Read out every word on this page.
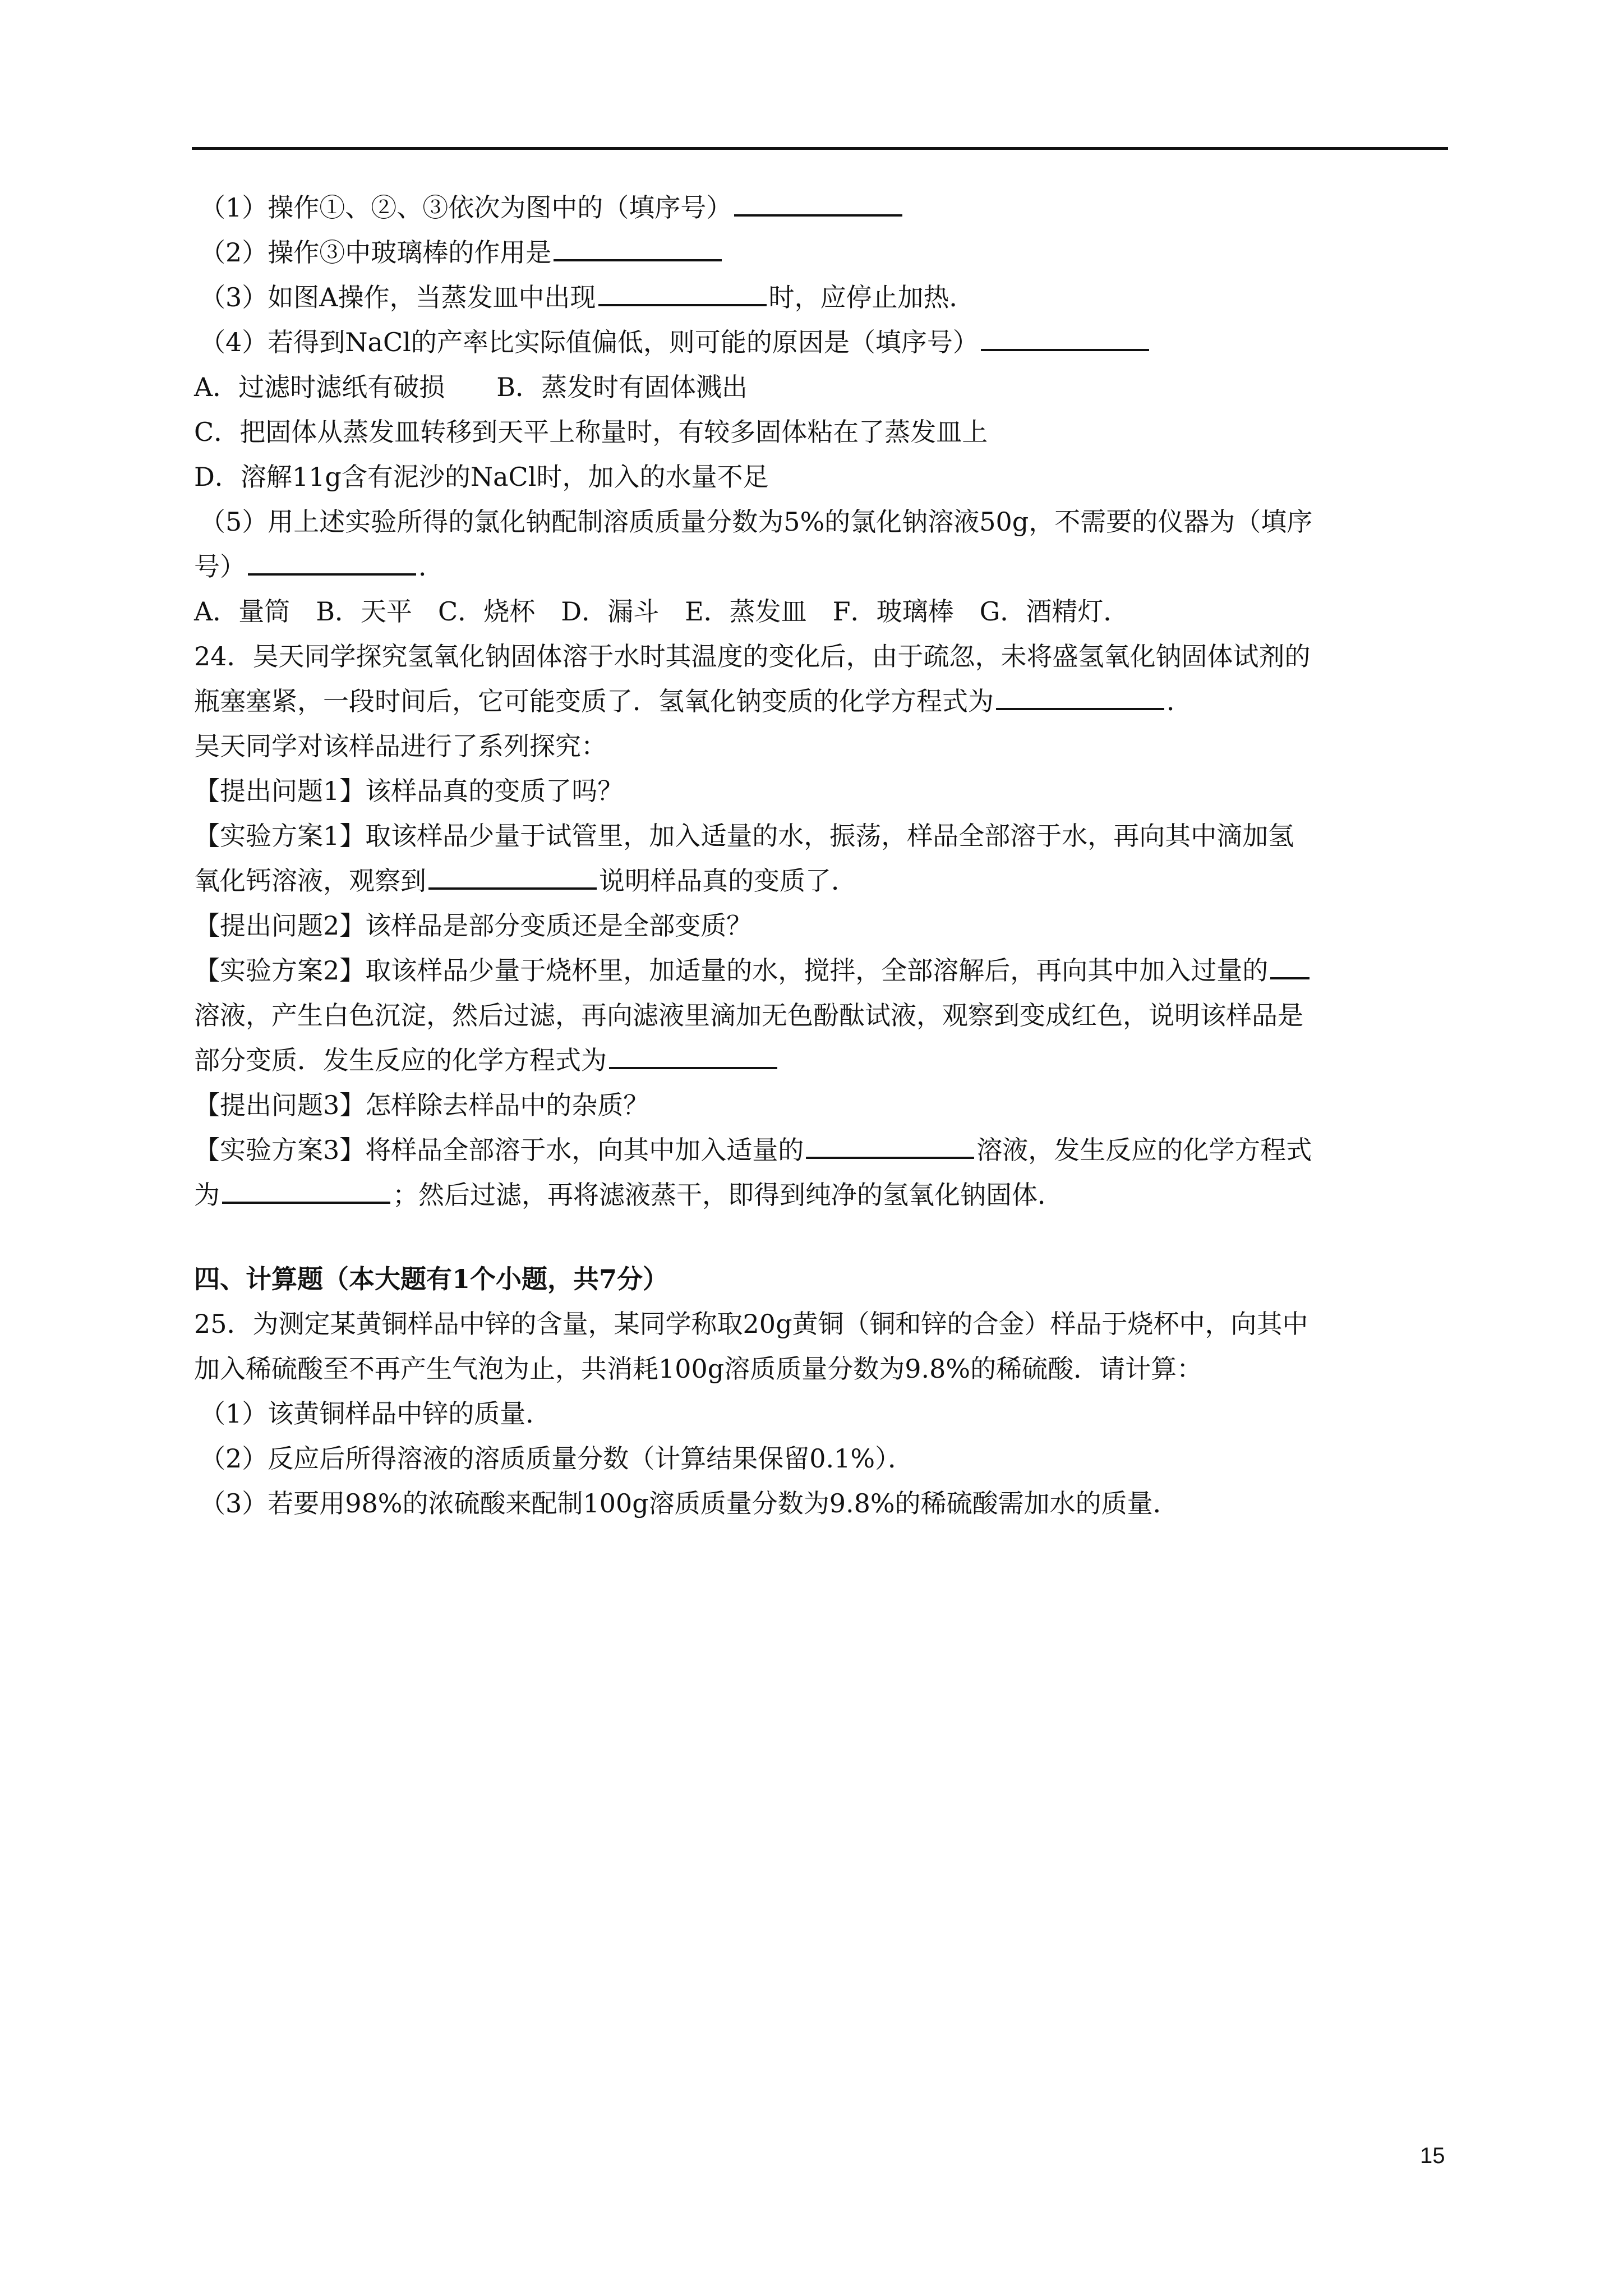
（1）操作①、②、③依次为图中的（填序号）
（2）操作③中玻璃棒的作用是
（3）如图A操作，当蒸发皿中出现	时，应停止加热．
（4）若得到NaCl的产率比实际值偏低，则可能的原因是（填序号）
A．过滤时滤纸有破损　　B．蒸发时有固体溅出
C．把固体从蒸发皿转移到天平上称量时，有较多固体粘在了蒸发皿上
D．溶解11g含有泥沙的NaCl时，加入的水量不足
（5）用上述实验所得的氯化钠配制溶质质量分数为5%的氯化钠溶液50g，不需要的仪器为（填序
号）	．
A．量筒　B．天平　C．烧杯　D．漏斗　E．蒸发皿　F．玻璃棒　G．酒精灯．
24．吴天同学探究氢氧化钠固体溶于水时其温度的变化后，由于疏忽，未将盛氢氧化钠固体试剂的
瓶塞塞紧，一段时间后，它可能变质了．氢氧化钠变质的化学方程式为	．
吴天同学对该样品进行了系列探究：
【提出问题1】该样品真的变质了吗？
【实验方案1】取该样品少量于试管里，加入适量的水，振荡，样品全部溶于水，再向其中滴加氢
氧化钙溶液，观察到	说明样品真的变质了．
【提出问题2】该样品是部分变质还是全部变质？
【实验方案2】取该样品少量于烧杯里，加适量的水，搅拌，全部溶解后，再向其中加入过量的
溶液，产生白色沉淀，然后过滤，再向滤液里滴加无色酚酞试液，观察到变成红色，说明该样品是
部分变质．发生反应的化学方程式为
【提出问题3】怎样除去样品中的杂质？
【实验方案3】将样品全部溶于水，向其中加入适量的	溶液，发生反应的化学方程式
为	；然后过滤，再将滤液蒸干，即得到纯净的氢氧化钠固体．
四、计算题（本大题有1个小题，共7分）
25．为测定某黄铜样品中锌的含量，某同学称取20g黄铜（铜和锌的合金）样品于烧杯中，向其中
加入稀硫酸至不再产生气泡为止，共消耗100g溶质质量分数为9.8%的稀硫酸．请计算：
（1）该黄铜样品中锌的质量．
（2）反应后所得溶液的溶质质量分数（计算结果保留0.1%）．
（3）若要用98%的浓硫酸来配制100g溶质质量分数为9.8%的稀硫酸需加水的质量．
15
